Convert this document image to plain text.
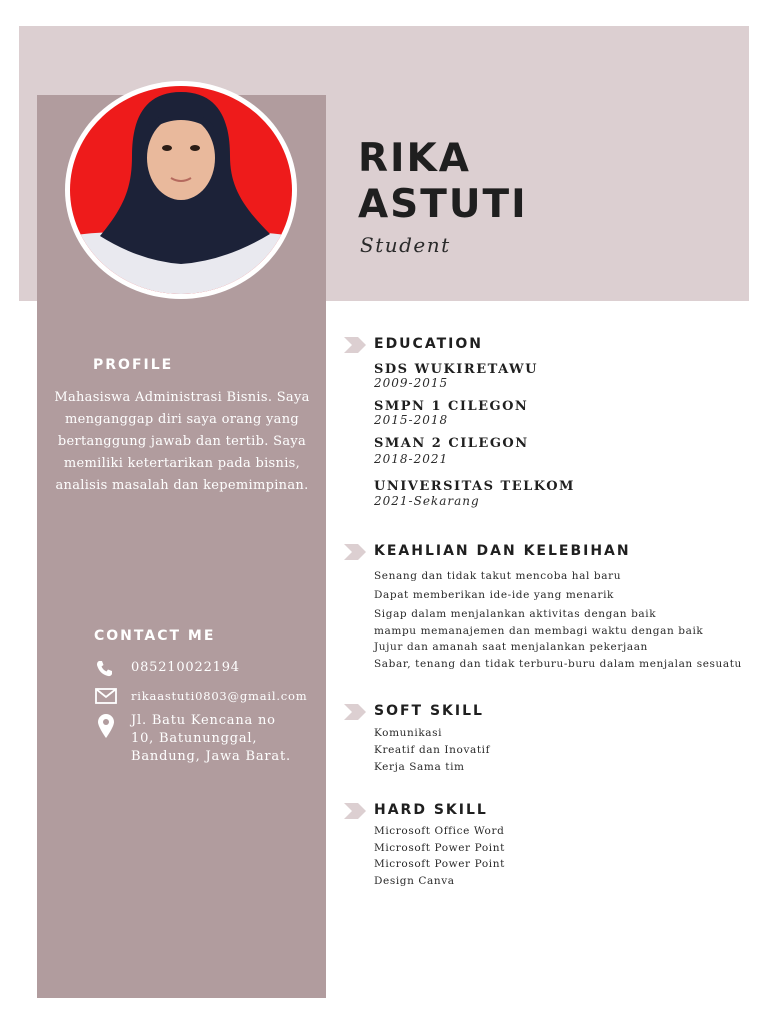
RIKA
ASTUTI
Student
PROFILE
Mahasiswa Administrasi Bisnis. Saya menganggap diri saya orang yang bertanggung jawab dan tertib. Saya memiliki ketertarikan pada bisnis, analisis masalah dan kepemimpinan.
CONTACT ME
085210022194
rikaastuti0803@gmail.com
Jl. Batu Kencana no
10, Batununggal,
Bandung, Jawa Barat.
EDUCATION
SDS WUKIRETAWU
2009-2015
SMPN 1 CILEGON
2015-2018
SMAN 2 CILEGON
2018-2021
UNIVERSITAS TELKOM
2021-Sekarang
KEAHLIAN DAN KELEBIHAN
Senang dan tidak takut mencoba hal baru
Dapat memberikan ide-ide yang menarik
Sigap dalam menjalankan aktivitas dengan baik
mampu memanajemen dan membagi waktu dengan baik
Jujur dan amanah saat menjalankan pekerjaan
Sabar, tenang dan tidak terburu-buru dalam menjalan sesuatu
SOFT SKILL
Komunikasi
Kreatif dan Inovatif
Kerja Sama tim
HARD SKILL
Microsoft Office Word
Microsoft Power Point
Microsoft Power Point
Design Canva
